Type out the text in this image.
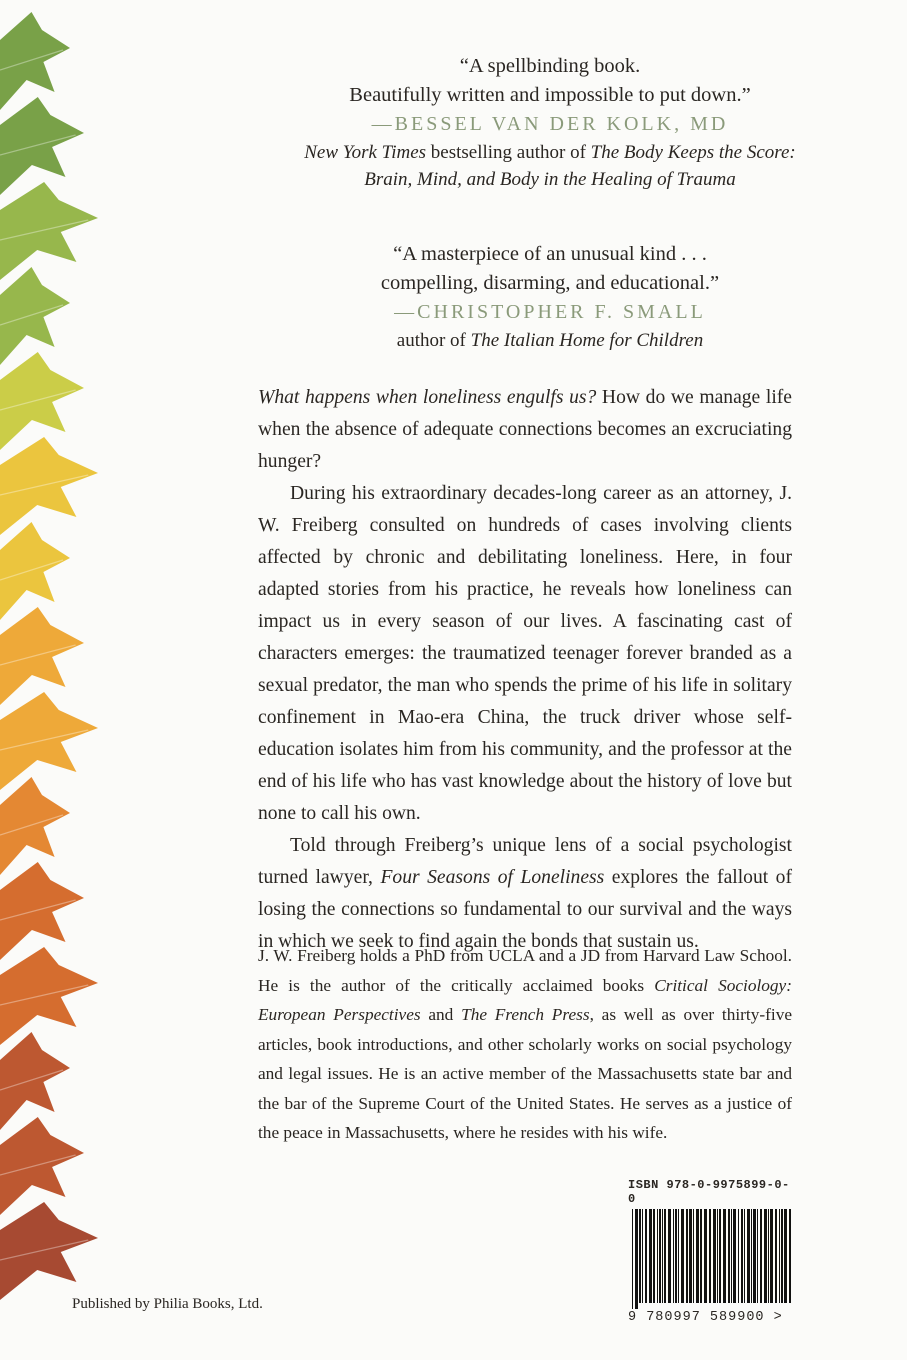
“A spellbinding book.
Beautifully written and impossible to put down.”
—BESSEL VAN DER KOLK, MD
New York Times bestselling author of The Body Keeps the Score:
Brain, Mind, and Body in the Healing of Trauma
“A masterpiece of an unusual kind . . .
compelling, disarming, and educational.”
—CHRISTOPHER F. SMALL
author of The Italian Home for Children

What happens when loneliness engulfs us? How do we manage life when the absence of adequate connections becomes an excruciating hunger?

During his extraordinary decades-long career as an attorney, J. W. Freiberg consulted on hundreds of cases involving clients affected by chronic and debilitating loneliness. Here, in four adapted stories from his practice, he reveals how loneliness can impact us in every season of our lives. A fascinating cast of characters emerges: the traumatized teenager forever branded as a sexual predator, the man who spends the prime of his life in solitary confinement in Mao-era China, the truck driver whose self-education isolates him from his community, and the professor at the end of his life who has vast knowledge about the history of love but none to call his own.

Told through Freiberg’s unique lens of a social psychologist turned lawyer, Four Seasons of Loneliness explores the fallout of losing the connections so fundamental to our survival and the ways in which we seek to find again the bonds that sustain us.

J. W. Freiberg holds a PhD from UCLA and a JD from Harvard Law School. He is the author of the critically acclaimed books Critical Sociology: European Perspectives and The French Press, as well as over thirty-five articles, book introductions, and other scholarly works on social psychology and legal issues. He is an active member of the Massachusetts state bar and the bar of the Supreme Court of the United States. He serves as a justice of the peace in Massachusetts, where he resides with his wife.

Published by Philia Books, Ltd.
ISBN 978-0-9975899-0-0
9 780997 589900 >
